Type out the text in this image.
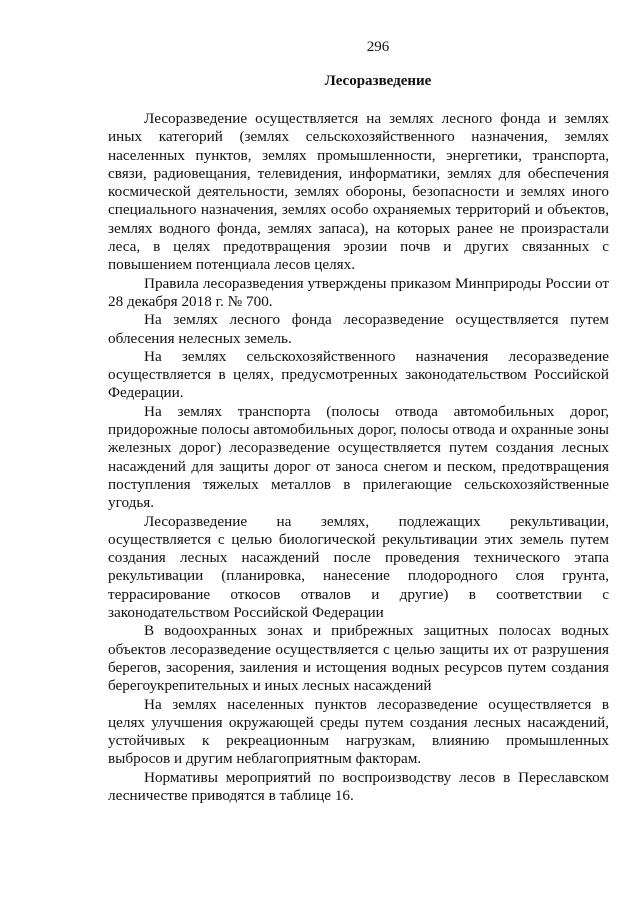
296
Лесоразведение

Лесоразведение осуществляется на землях лесного фонда и землях иных категорий (землях сельскохозяйственного назначения, землях населенных пунктов, землях промышленности, энергетики, транспорта, связи, радиовещания, телевидения, информатики, землях для обеспечения космической деятельности, землях обороны, безопасности и землях иного специального назначения, землях особо охраняемых территорий и объектов, землях водного фонда, землях запаса), на которых ранее не произрастали леса, в целях предотвращения эрозии почв и других связанных с повышением потенциала лесов целях.

Правила лесоразведения утверждены приказом Минприроды России от 28 декабря 2018 г. № 700.

На землях лесного фонда лесоразведение осуществляется путем облесения нелесных земель.

На землях сельскохозяйственного назначения лесоразведение осуществляется в целях, предусмотренных законодательством Российской Федерации.

На землях транспорта (полосы отвода автомобильных дорог, придорожные полосы автомобильных дорог, полосы отвода и охранные зоны железных дорог) лесоразведение осуществляется путем создания лесных насаждений для защиты дорог от заноса снегом и песком, предотвращения поступления тяжелых металлов в прилегающие сельскохозяйственные угодья.

Лесоразведение на землях, подлежащих рекультивации, осуществляется с целью биологической рекультивации этих земель путем создания лесных насаждений после проведения технического этапа рекультивации (планировка, нанесение плодородного слоя грунта, террасирование откосов отвалов и другие) в соответствии с законодательством Российской Федерации

В водоохранных зонах и прибрежных защитных полосах водных объектов лесоразведение осуществляется с целью защиты их от разрушения берегов, засорения, заиления и истощения водных ресурсов путем создания берегоукрепительных и иных лесных насаждений

На землях населенных пунктов лесоразведение осуществляется в целях улучшения окружающей среды путем создания лесных насаждений, устойчивых к рекреационным нагрузкам, влиянию промышленных выбросов и другим неблагоприятным факторам.

Нормативы мероприятий по воспроизводству лесов в Переславском лесничестве приводятся в таблице 16.
